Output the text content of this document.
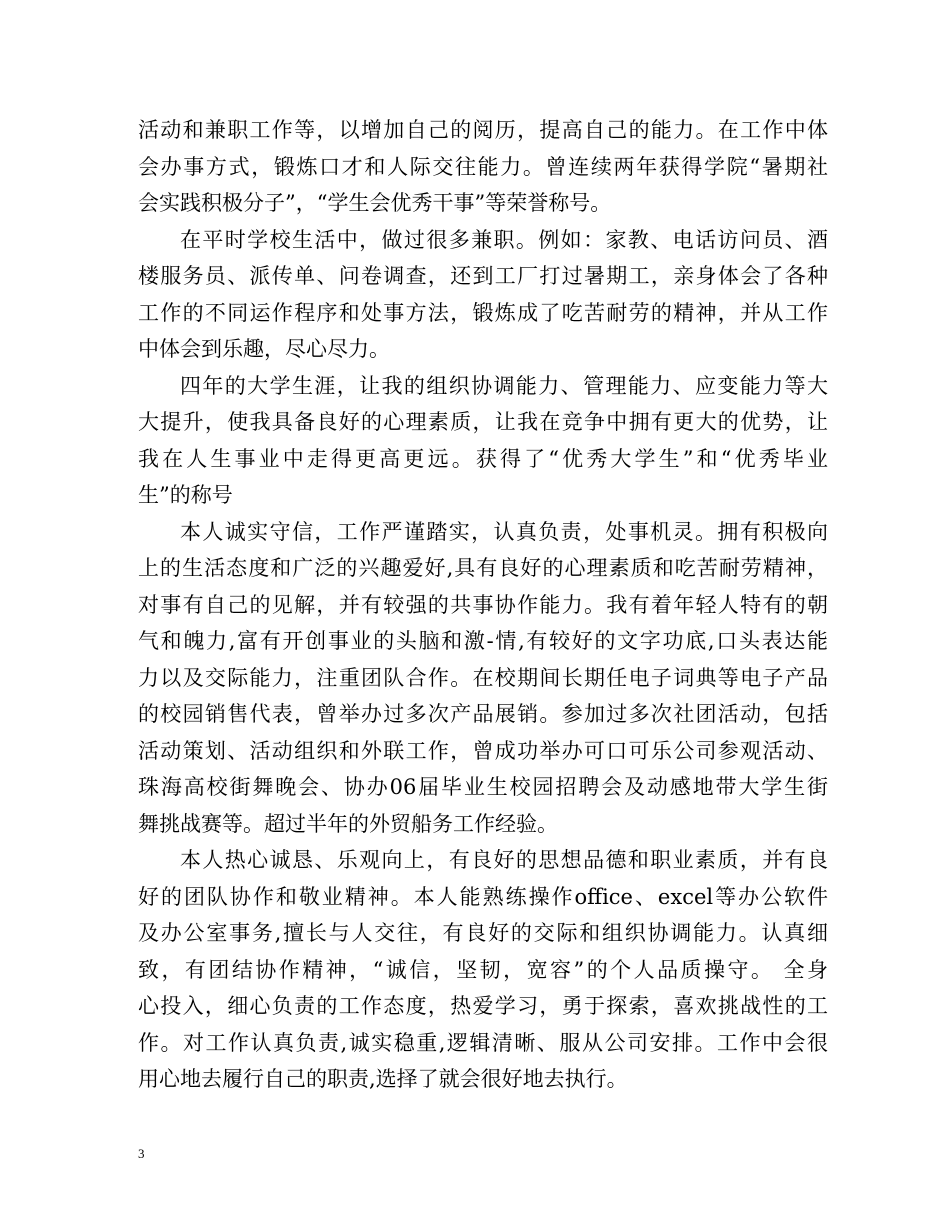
活动和兼职工作等，以增加自己的阅历，提高自己的能力。在工作中体
会办事方式，锻炼口才和人际交往能力。曾连续两年获得学院“暑期社
会实践积极分子”，“学生会优秀干事”等荣誉称号。
在平时学校生活中，做过很多兼职。例如：家教、电话访问员、酒
楼服务员、派传单、问卷调查，还到工厂打过暑期工，亲身体会了各种
工作的不同运作程序和处事方法，锻炼成了吃苦耐劳的精神，并从工作
中体会到乐趣，尽心尽力。
四年的大学生涯，让我的组织协调能力、管理能力、应变能力等大
大提升，使我具备良好的心理素质，让我在竞争中拥有更大的优势，让
我在人生事业中走得更高更远。获得了“优秀大学生”和“优秀毕业
生”的称号
本人诚实守信，工作严谨踏实，认真负责，处事机灵。拥有积极向
上的生活态度和广泛的兴趣爱好,具有良好的心理素质和吃苦耐劳精神，
对事有自己的见解，并有较强的共事协作能力。我有着年轻人特有的朝
气和魄力,富有开创事业的头脑和激-情,有较好的文字功底,口头表达能
力以及交际能力，注重团队合作。在校期间长期任电子词典等电子产品
的校园销售代表，曾举办过多次产品展销。参加过多次社团活动，包括
活动策划、活动组织和外联工作，曾成功举办可口可乐公司参观活动、
珠海高校街舞晚会、协办06届毕业生校园招聘会及动感地带大学生街
舞挑战赛等。超过半年的外贸船务工作经验。
本人热心诚恳、乐观向上，有良好的思想品德和职业素质，并有良
好的团队协作和敬业精神。本人能熟练操作office、excel等办公软件
及办公室事务,擅长与人交往，有良好的交际和组织协调能力。认真细
致，有团结协作精神，“诚信，坚韧，宽容”的个人品质操守。 全身
心投入，细心负责的工作态度，热爱学习，勇于探索，喜欢挑战性的工
作。对工作认真负责,诚实稳重,逻辑清晰、服从公司安排。工作中会很
用心地去履行自己的职责,选择了就会很好地去执行。
3
